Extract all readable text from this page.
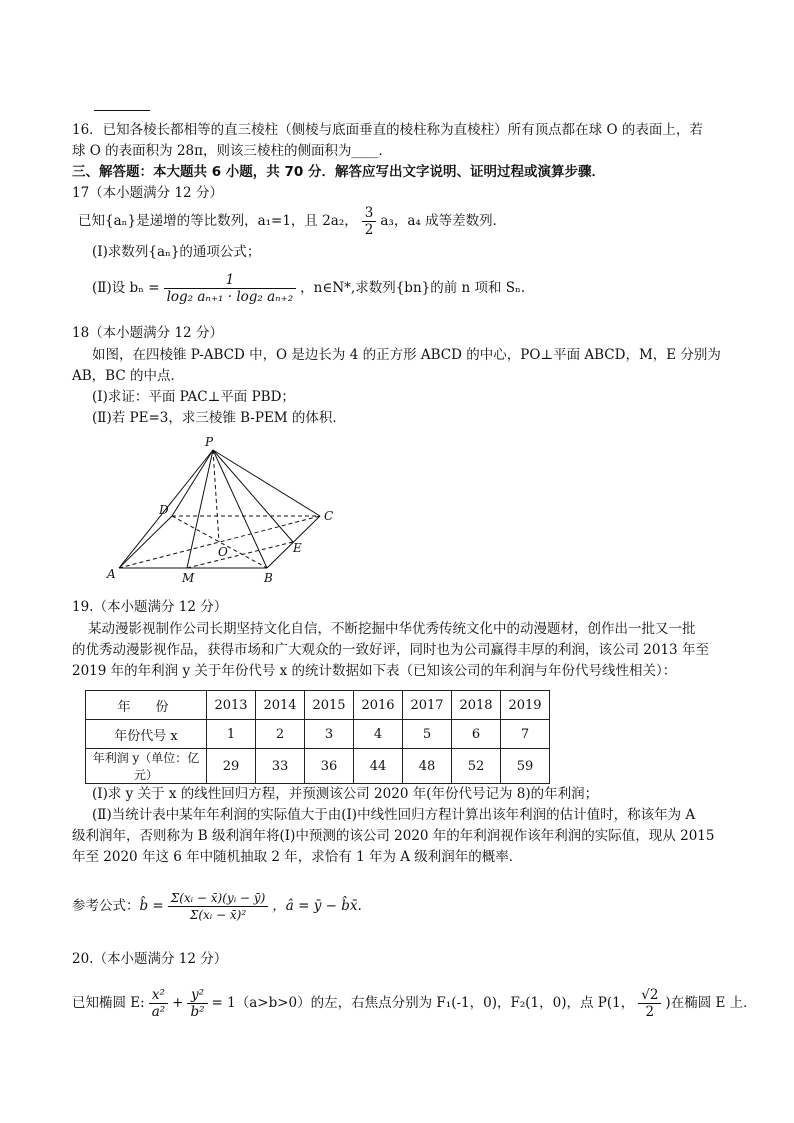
16．已知各棱长都相等的直三棱柱（侧棱与底面垂直的棱柱称为直棱柱）所有顶点都在球 O 的表面上，若
球 O 的表面积为 28π，则该三棱柱的侧面积为____．
三、解答题：本大题共 6 小题，共 70 分．解答应写出文字说明、证明过程或演算步骤．
17（本小题满分 12 分）
已知{aₙ}是递增的等比数列，a₁=1，且 2a₂， $\frac{3}{2} a_3$，a₄ 成等差数列．
(Ⅰ)求数列{aₙ}的通项公式；
(Ⅱ)设 $b_n = \frac{1}{\text{log₂ aₙ₊₁ · log₂ aₙ₊₂}}$ ，n∈N*,求数列{bn}的前 n 项和 Sₙ.
18（本小题满分 12 分）
如图，在四棱锥 P-ABCD 中，O 是边长为 4 的正方形 ABCD 的中心，PO⊥平面 ABCD，M，E 分别为
AB，BC 的中点．
(Ⅰ)求证：平面 PAC⊥平面 PBD；
(Ⅱ)若 PE=3，求三棱锥 B-PEM 的体积．
P
D	C
O	E
A	M	B
19.（本小题满分 12 分）
某动漫影视制作公司长期坚持文化自信，不断挖掘中华优秀传统文化中的动漫题材，创作出一批又一批
的优秀动漫影视作品，获得市场和广大观众的一致好评，同时也为公司赢得丰厚的利润，该公司 2013 年至
2019 年的年利润 y 关于年份代号 x 的统计数据如下表（已知该公司的年利润与年份代号线性相关）：
年　份	2013	2014	2015	2016	2017	2018	2019
年份代号 x	1	2	3	4	5	6	7
年利润 y（单位：亿元）	29	33	36	44	48	52	59
(Ⅰ)求 y 关于 x 的线性回归方程，并预测该公司 2020 年(年份代号记为 8)的年利润；
(Ⅱ)当统计表中某年年利润的实际值大于由(Ⅰ)中线性回归方程计算出该年利润的估计值时，称该年为 A
级利润年，否则称为 B 级利润年将(Ⅰ)中预测的该公司 2020 年的年利润视作该年利润的实际值，现从 2015
年至 2020 年这 6 年中随机抽取 2 年，求恰有 1 年为 A 级利润年的概率．
参考公式：b̂ = $\frac{\text{Σ(xᵢ − x̄)(yᵢ − ȳ)}}{\text{Σ(xᵢ − x̄)²}}$ ，â = ȳ − b̂x̄.
20.（本小题满分 12 分）
已知椭圆 E: $\frac{\text{x²}}{\text{a²}} + \frac{\text{y²}}{\text{b²}} = 1(a>b>0)$的左，右焦点分别为 F₁(-1，0)，F₂(1，0)，点 P(1， $\frac{√2}{2}$ )在椭圆 E 上．
